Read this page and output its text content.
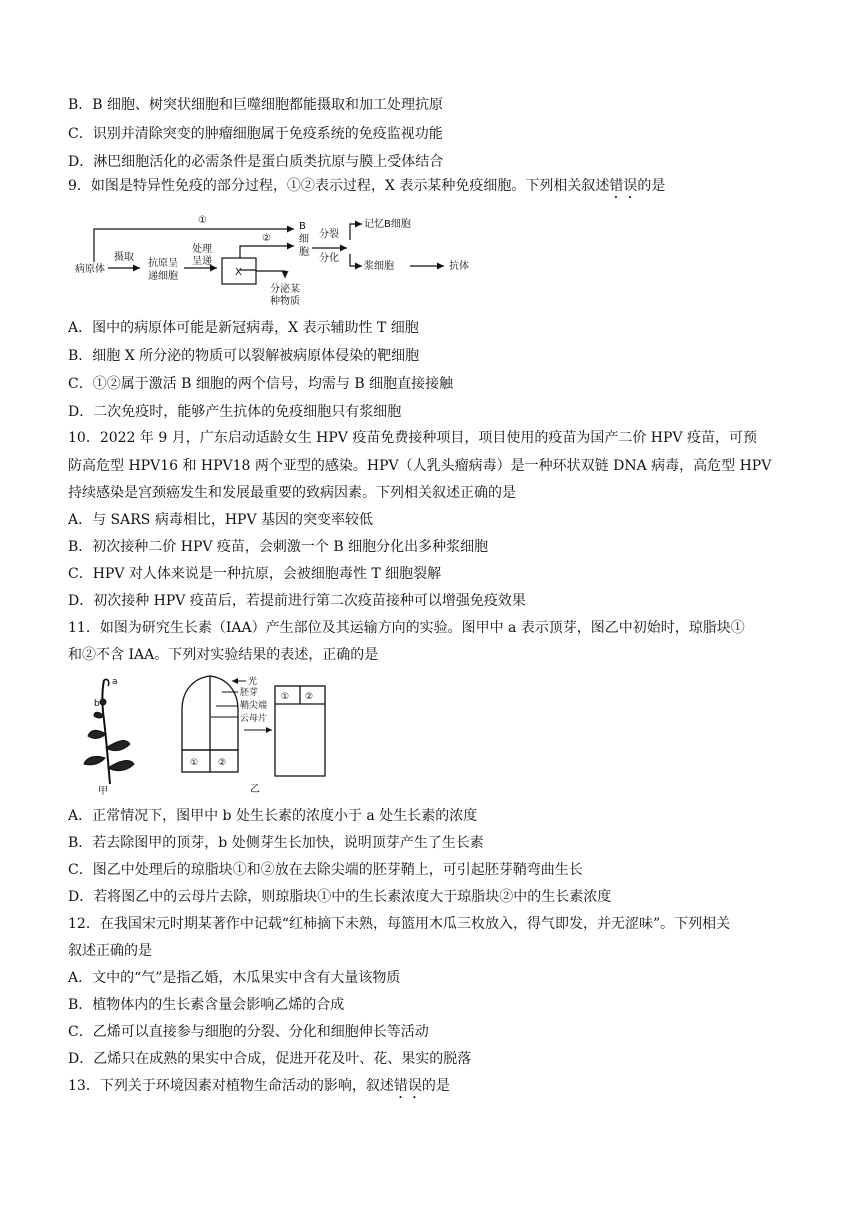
B．B 细胞、树突状细胞和巨噬细胞都能摄取和加工处理抗原
C．识别并清除突变的肿瘤细胞属于免疫系统的免疫监视功能
D．淋巴细胞活化的必需条件是蛋白质类抗原与膜上受体结合
9．如图是特异性免疫的部分过程，①②表示过程，X 表示某种免疫细胞。下列相关叙述错误的是
①
②
病原体
摄取
抗原呈
递细胞
处理
呈递
X
B
细
胞
分裂
分化
记忆B细胞
浆细胞	抗体
分泌某
种物质
A．图中的病原体可能是新冠病毒，X 表示辅助性 T 细胞
B．细胞 X 所分泌的物质可以裂解被病原体侵染的靶细胞
C．①②属于激活 B 细胞的两个信号，均需与 B 细胞直接接触
D．二次免疫时，能够产生抗体的免疫细胞只有浆细胞
10．2022 年 9 月，广东启动适龄女生 HPV 疫苗免费接种项目，项目使用的疫苗为国产二价 HPV 疫苗，可预
防高危型 HPV16 和 HPV18 两个亚型的感染。HPV（人乳头瘤病毒）是一种环状双链 DNA 病毒，高危型 HPV
持续感染是宫颈癌发生和发展最重要的致病因素。下列相关叙述正确的是
A．与 SARS 病毒相比，HPV 基因的突变率较低
B．初次接种二价 HPV 疫苗，会刺激一个 B 细胞分化出多种浆细胞
C．HPV 对人体来说是一种抗原，会被细胞毒性 T 细胞裂解
D．初次接种 HPV 疫苗后，若提前进行第二次疫苗接种可以增强免疫效果
11．如图为研究生长素（IAA）产生部位及其运输方向的实验。图甲中 a 表示顶芽，图乙中初始时，琼脂块①
和②不含 IAA。下列对实验结果的表述，正确的是
a
b
甲
光
胚芽
鞘尖端
云母片
① ②
① ②
乙
A．正常情况下，图甲中 b 处生长素的浓度小于 a 处生长素的浓度
B．若去除图甲的顶芽，b 处侧芽生长加快，说明顶芽产生了生长素
C．图乙中处理后的琼脂块①和②放在去除尖端的胚芽鞘上，可引起胚芽鞘弯曲生长
D．若将图乙中的云母片去除，则琼脂块①中的生长素浓度大于琼脂块②中的生长素浓度
12．在我国宋元时期某著作中记载“红柿摘下未熟，每篮用木瓜三枚放入，得气即发，并无涩味”。下列相关
叙述正确的是
A．文中的“气”是指乙婚，木瓜果实中含有大量该物质
B．植物体内的生长素含量会影响乙烯的合成
C．乙烯可以直接参与细胞的分裂、分化和细胞伸长等活动
D．乙烯只在成熟的果实中合成，促进开花及叶、花、果实的脱落
13．下列关于环境因素对植物生命活动的影响，叙述错误的是
